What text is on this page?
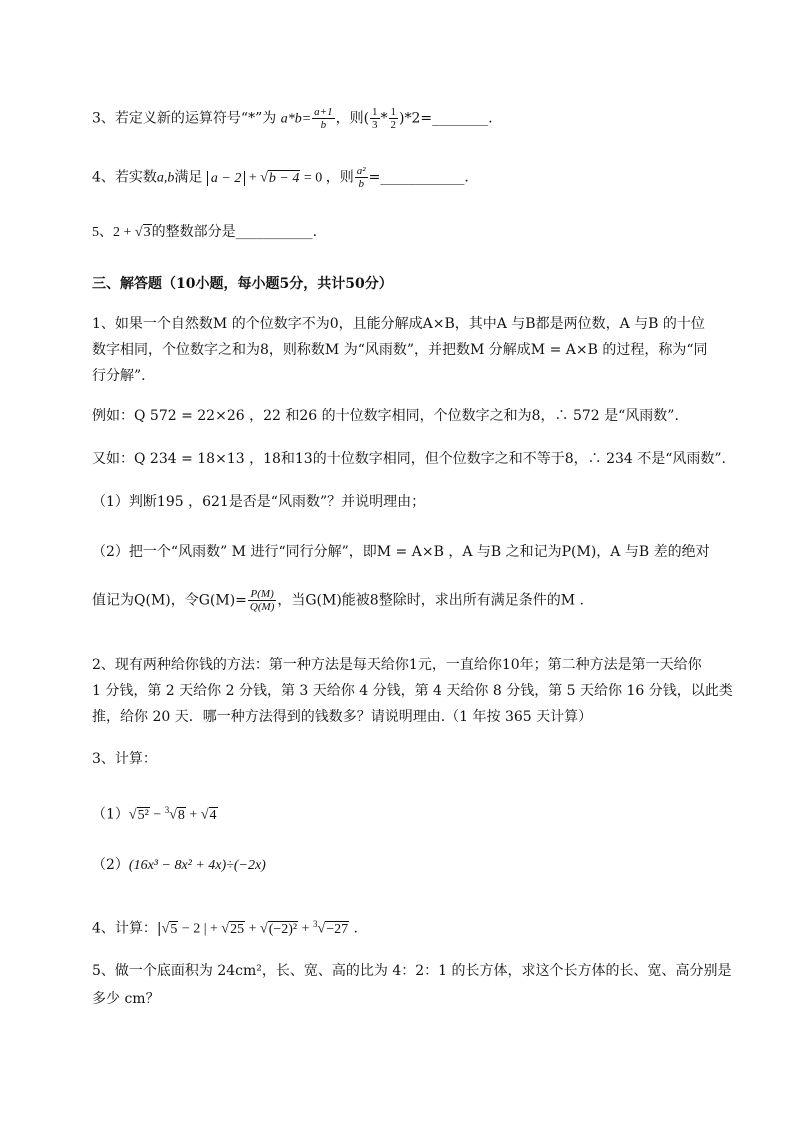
3、若定义新的运算符号“*”为 $a*b= \frac{a+1}{b}$ ，则( $\frac{1}{3} * \frac{1}{2}$ )*2=________.
4、若实数a,b满足 a − 2 + √b − 4 = 0 ，则 $\frac{\text{a²}}{b}$ =____________.
5、2 + √3的整数部分是___________.
三、解答题（10小题，每小题5分，共计50分）
1、如果一个自然数M 的个位数字不为0，且能分解成A×B，其中A 与B都是两位数，A 与B 的十位
数字相同，个位数字之和为8，则称数M 为“风雨数”，并把数M 分解成M = A×B 的过程，称为“同
行分解”.
例如：Q 572 = 22×26 ，22 和26 的十位数字相同，个位数字之和为8，∴ 572 是“风雨数”.
又如：Q 234 = 18×13 ，18和13的十位数字相同，但个位数字之和不等于8，∴ 234 不是“风雨数”.
（1）判断195 ，621是否是“风雨数”？并说明理由；
（2）把一个“风雨数” M 进行“同行分解”，即M = A×B ，A 与B 之和记为P(M)，A 与B 差的绝对
值记为Q(M)，令$G(M)= \frac{P(M)}{Q(M)}$ ，当G(M)能被8整除时，求出所有满足条件的M .
2、现有两种给你钱的方法：第一种方法是每天给你1元，一直给你10年；第二种方法是第一天给你
1 分钱，第 2 天给你 2 分钱，第 3 天给你 4 分钱，第 4 天给你 8 分钱，第 5 天给你 16 分钱，以此类
推，给你 20 天．哪一种方法得到的钱数多？请说明理由.（1 年按 365 天计算）
3、计算：
（1）√5² − $^3$√8 + √4
（2）(16x³ − 8x² + 4x)÷(−2x)
4、计算：|√5 − 2 | + √25 + √(−2)² + $^3$√−27 .
5、做一个底面积为 24cm²，长、宽、高的比为 4：2：1 的长方体，求这个长方体的长、宽、高分别是
多少 cm？
